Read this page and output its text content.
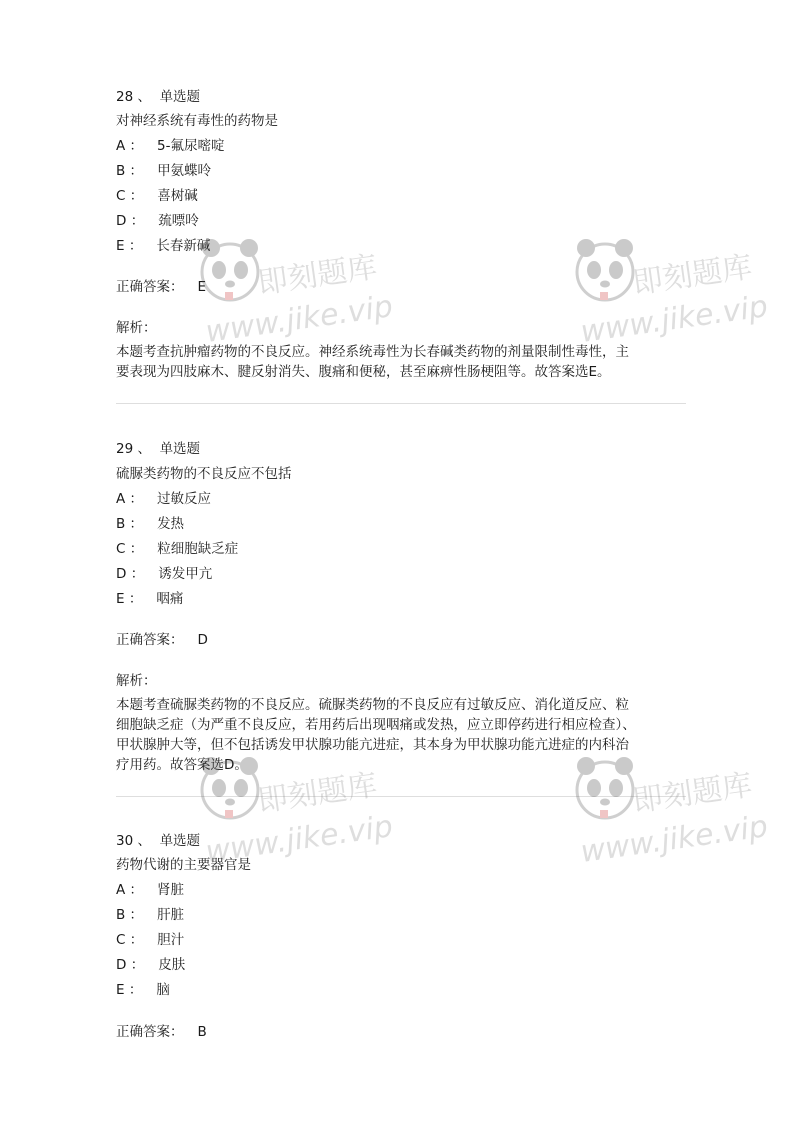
28 、  单选题
对神经系统有毒性的药物是
A ： 5-氟尿嘧啶
B ： 甲氨蝶呤
C ： 喜树碱
D ： 巯嘌呤
E ： 长春新碱
正确答案： E
解析：
本题考查抗肿瘤药物的不良反应。神经系统毒性为长春碱类药物的剂量限制性毒性，主
要表现为四肢麻木、腱反射消失、腹痛和便秘，甚至麻痹性肠梗阻等。故答案选E。
29 、  单选题
硫脲类药物的不良反应不包括
A ： 过敏反应
B ： 发热
C ： 粒细胞缺乏症
D ： 诱发甲亢
E ： 咽痛
正确答案： D
解析：
本题考查硫脲类药物的不良反应。硫脲类药物的不良反应有过敏反应、消化道反应、粒
细胞缺乏症（为严重不良反应，若用药后出现咽痛或发热，应立即停药进行相应检查）、
甲状腺肿大等，但不包括诱发甲状腺功能亢进症，其本身为甲状腺功能亢进症的内科治
疗用药。故答案选D。
30 、  单选题
药物代谢的主要器官是
A ： 肾脏
B ： 肝脏
C ： 胆汁
D ： 皮肤
E ： 脑
正确答案： B
即刻题库
www.jike.vip
即刻题库
www.jike.vip
即刻题库
www.jike.vip
即刻题库
www.jike.vip
